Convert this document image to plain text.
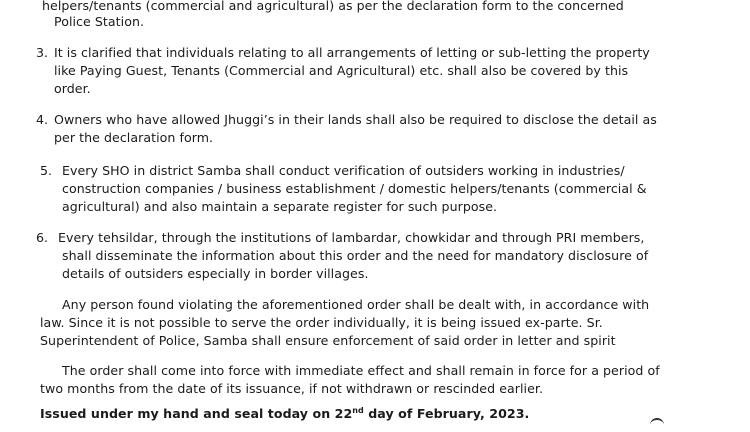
helpers/tenants (commercial and agricultural) as per the declaration form to the concerned
Police Station.
3. It is clarified that individuals relating to all arrangements of letting or sub-letting the property
like Paying Guest, Tenants (Commercial and Agricultural) etc. shall also be covered by this
order.
4. Owners who have allowed Jhuggi’s in their lands shall also be required to disclose the detail as
per the declaration form.
5. Every SHO in district Samba shall conduct verification of outsiders working in industries/
construction companies / business establishment / domestic helpers/tenants (commercial &
agricultural) and also maintain a separate register for such purpose.
6. Every tehsildar, through the institutions of lambardar, chowkidar and through PRI members,
shall disseminate the information about this order and the need for mandatory disclosure of
details of outsiders especially in border villages.
Any person found violating the aforementioned order shall be dealt with, in accordance with
law. Since it is not possible to serve the order individually, it is being issued ex-parte. Sr.
Superintendent of Police, Samba shall ensure enforcement of said order in letter and spirit
The order shall come into force with immediate effect and shall remain in force for a period of
two months from the date of its issuance, if not withdrawn or rescinded earlier.
Issued under my hand and seal today on 22nd day of February, 2023.
